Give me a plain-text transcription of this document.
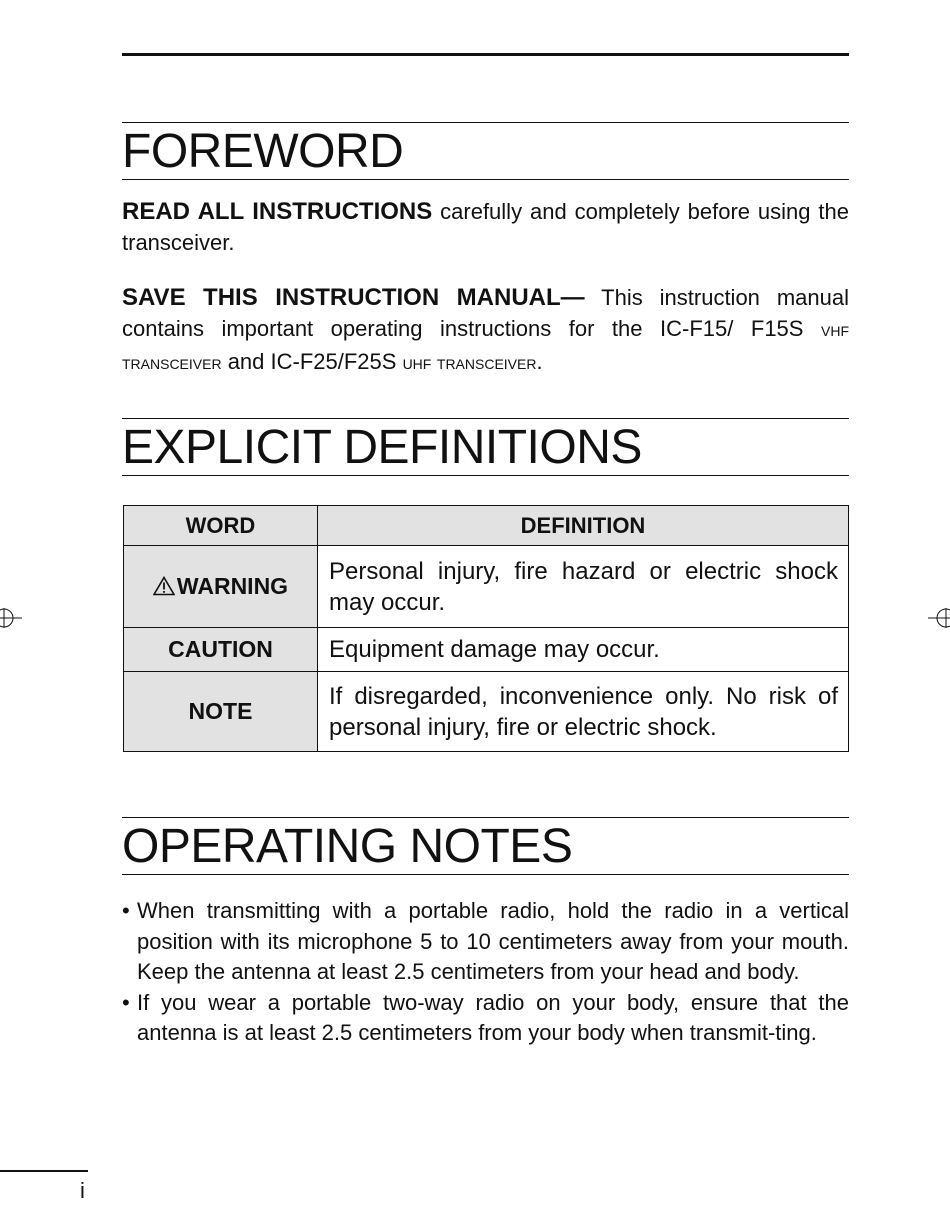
FOREWORD

READ ALL INSTRUCTIONS carefully and completely before using the transceiver.

SAVE THIS INSTRUCTION MANUAL— This instruction manual contains important operating instructions for the IC-F15/ F15S vhf transceiver and IC-F25/F25S uhf transceiver.

EXPLICIT DEFINITIONS
WORD	DEFINITION
WARNING	Personal injury, fire hazard or electric shock may occur.
CAUTION	Equipment damage may occur.
NOTE	If disregarded, inconvenience only. No risk of personal injury, fire or electric shock.
OPERATING NOTES
• When transmitting with a portable radio, hold the radio in a vertical position with its microphone 5 to 10 centimeters away from your mouth. Keep the antenna at least 2.5 centimeters from your head and body.
• If you wear a portable two-way radio on your body, ensure that the antenna is at least 2.5 centimeters from your body when transmit-ting.
i
